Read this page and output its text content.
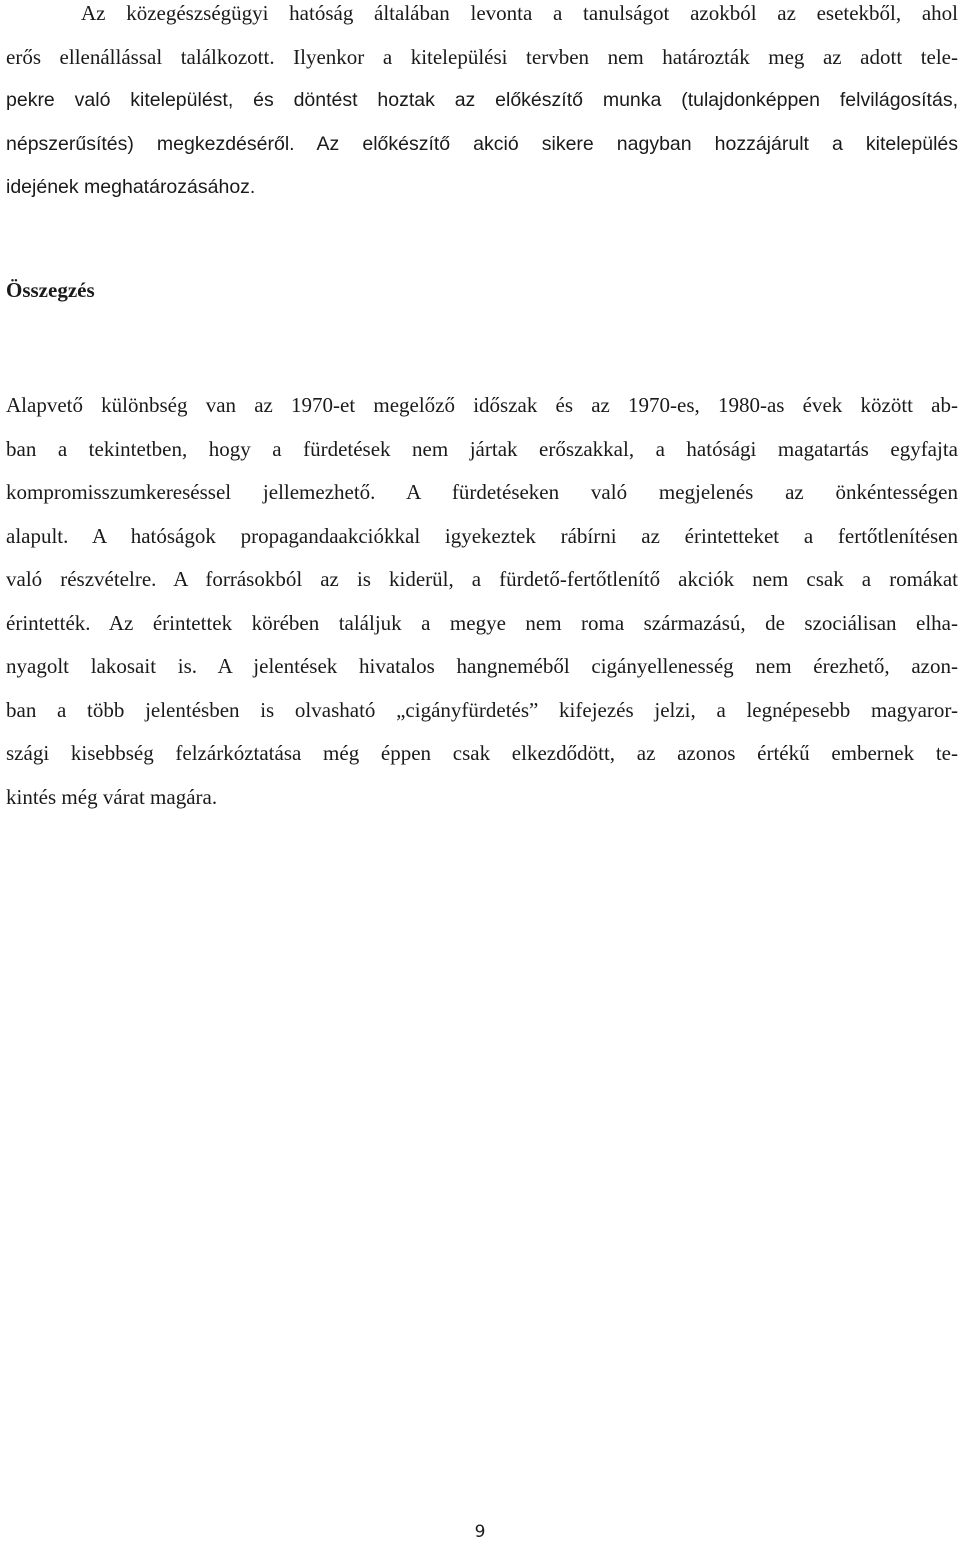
Az közegészségügyi hatóság általában levonta a tanulságot azokból az esetekből, ahol
erős ellenállással találkozott. Ilyenkor a kitelepülési tervben nem határozták meg az adott tele-
pekre való kitelepülést, és döntést hoztak az előkészítő munka (tulajdonképpen felvilágosítás,
népszerűsítés) megkezdéséről. Az előkészítő akció sikere nagyban hozzájárult a kitelepülés
idejének meghatározásához.
Összegzés
Alapvető különbség van az 1970-et megelőző időszak és az 1970-es, 1980-as évek között ab-
ban a tekintetben, hogy a fürdetések nem jártak erőszakkal, a hatósági magatartás egyfajta
kompromisszumkereséssel jellemezhető. A fürdetéseken való megjelenés az önkéntességen
alapult. A hatóságok propagandaakciókkal igyekeztek rábírni az érintetteket a fertőtlenítésen
való részvételre. A forrásokból az is kiderül, a fürdető-fertőtlenítő akciók nem csak a romákat
érintették. Az érintettek körében találjuk a megye nem roma származású, de szociálisan elha-
nyagolt lakosait is. A jelentések hivatalos hangneméből cigányellenesség nem érezhető, azon-
ban a több jelentésben is olvasható „cigányfürdetés” kifejezés jelzi, a legnépesebb magyaror-
szági kisebbség felzárkóztatása még éppen csak elkezdődött, az azonos értékű embernek te-
kintés még várat magára.
9
